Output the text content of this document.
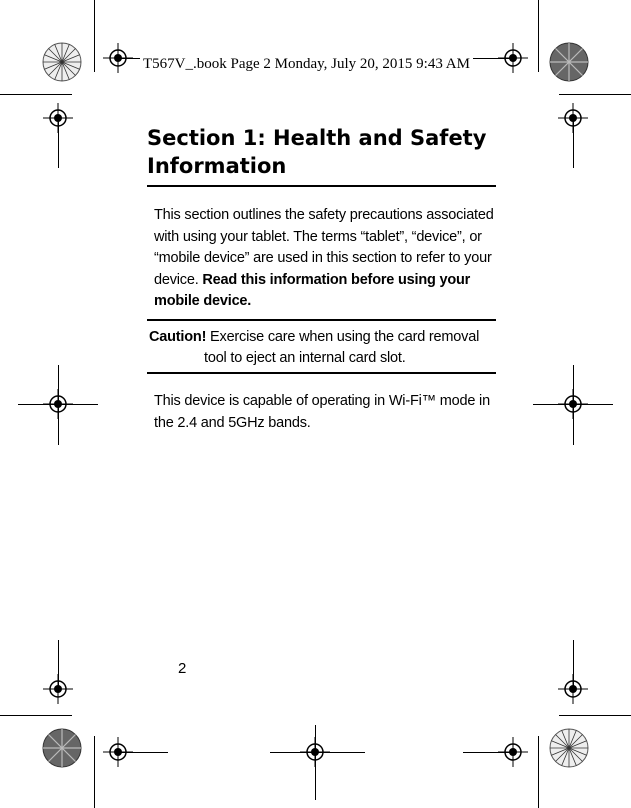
T567V_.book Page 2 Monday, July 20, 2015 9:43 AM
Section 1: Health and Safety Information
This section outlines the safety precautions associated with using your tablet. The terms “tablet”, “device”, or “mobile device” are used in this section to refer to your device. Read this information before using your mobile device.
Caution! Exercise care when using the card removal
tool to eject an internal card slot.
This device is capable of operating in Wi-Fi™ mode in the 2.4 and 5GHz bands.
2
